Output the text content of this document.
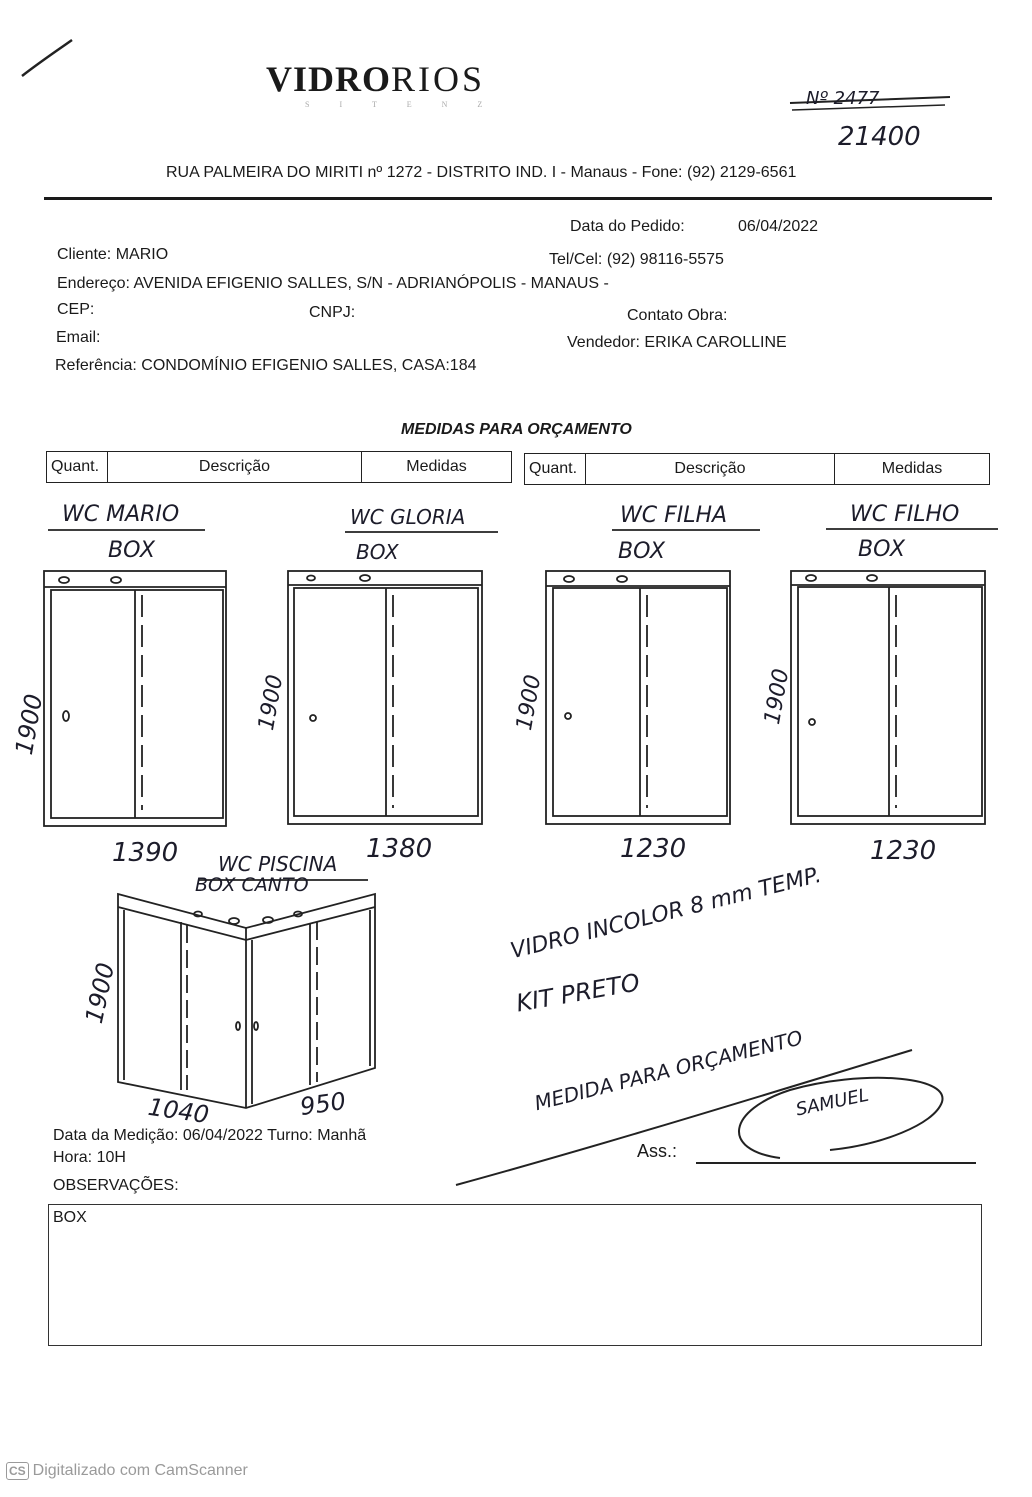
VIDRORIOS
S I T E N Z	Nº 2477
21400
RUA PALMEIRA DO MIRITI nº 1272 - DISTRITO IND. I - Manaus - Fone: (92) 2129-6561
Data do Pedido:	06/04/2022
Cliente: MARIO	Tel/Cel: (92) 98116-5575
Endereço: AVENIDA EFIGENIO SALLES, S/N - ADRIANÓPOLIS - MANAUS -
CEP:	CNPJ:	Contato Obra:
Email:	Vendedor: ERIKA CAROLLINE
Referência: CONDOMÍNIO EFIGENIO SALLES, CASA:184
MEDIDAS PARA ORÇAMENTO
Quant.	Descrição	Medidas	Quant.	Descrição	Medidas
WC MARIO
BOX
1900
1390
WC GLORIA
BOX
1900
1380
WC FILHA
BOX
1900
1230
WC FILHO
BOX
1900
1230
WC PISCINA
BOX CANTO
1900
1040	950
VIDRO INCOLOR 8 mm TEMP.
KIT PRETO
MEDIDA PARA ORÇAMENTO
SAMUEL
Data da Medição: 06/04/2022 Turno: Manhã
Hora: 10H	Ass.:
OBSERVAÇÕES:
BOX
CS Digitalizado com CamScanner
